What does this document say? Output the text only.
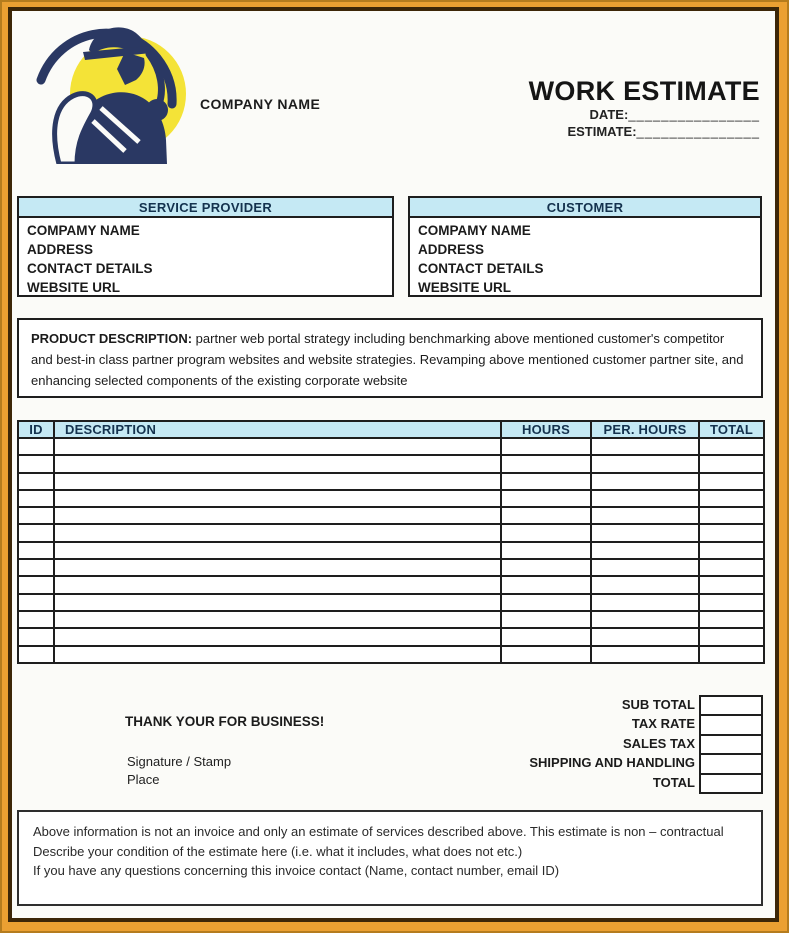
COMPANY NAME	WORK ESTIMATE
DATE:________________
ESTIMATE:_______________
SERVICE PROVIDER
COMPAMY NAME
ADDRESS
CONTACT DETAILS
WEBSITE URL
CUSTOMER
COMPAMY NAME
ADDRESS
CONTACT DETAILS
WEBSITE URL
PRODUCT DESCRIPTION: partner web portal strategy including benchmarking above mentioned customer's competitor and best-in class partner program websites and website strategies. Revamping above mentioned customer partner site, and enhancing selected components of the existing corporate website
ID	DESCRIPTION	HOURS	PER. HOURS	TOTAL

SUB TOTAL
TAX RATE
SALES TAX
SHIPPING AND HANDLING
TOTAL
THANK YOUR FOR BUSINESS!
Signature / Stamp
Place
Above information is not an invoice and only an estimate of services described above. This estimate is non – contractual
Describe your condition of the estimate here (i.e. what it includes, what does not etc.)
If you have any questions concerning this invoice contact (Name, contact number, email ID)
